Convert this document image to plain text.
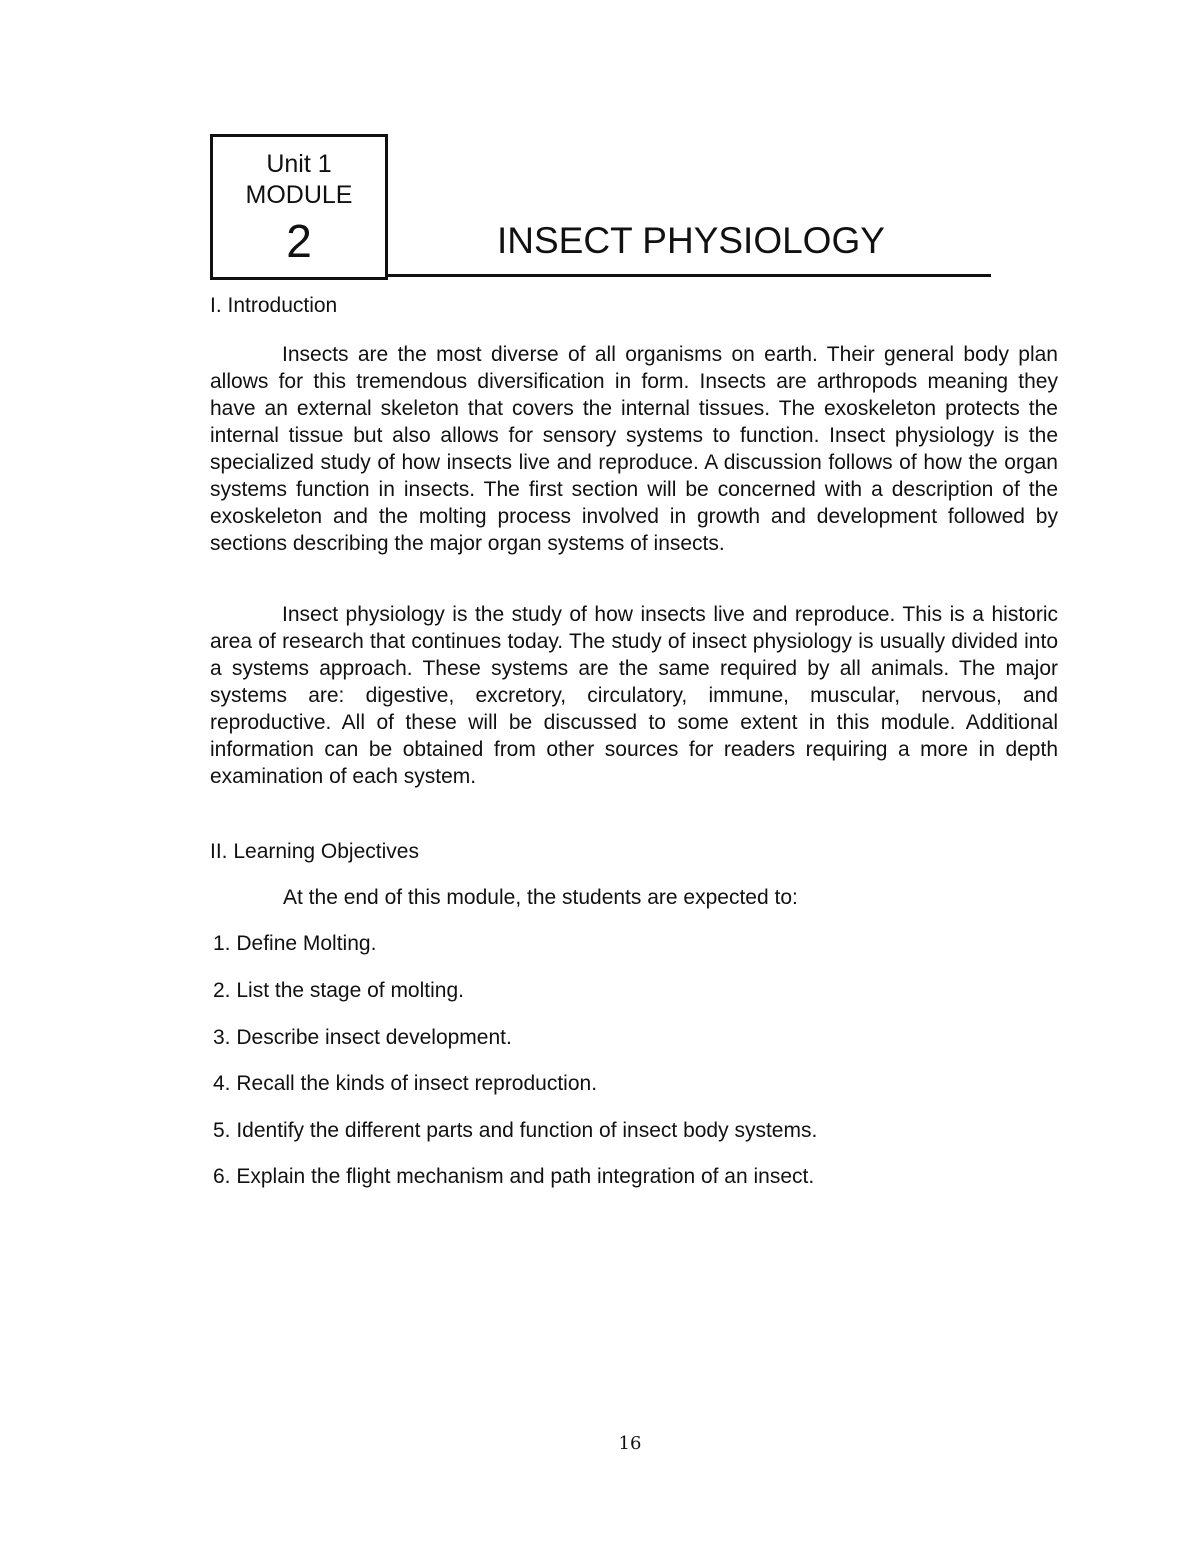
Unit 1
MODULE
2	INSECT PHYSIOLOGY
I. Introduction

Insects are the most diverse of all organisms on earth. Their general body plan allows for this tremendous diversification in form. Insects are arthropods meaning they have an external skeleton that covers the internal tissues. The exoskeleton protects the internal tissue but also allows for sensory systems to function. Insect physiology is the specialized study of how insects live and reproduce. A discussion follows of how the organ systems function in insects. The first section will be concerned with a description of the exoskeleton and the molting process involved in growth and development followed by sections describing the major organ systems of insects.

Insect physiology is the study of how insects live and reproduce. This is a historic area of research that continues today. The study of insect physiology is usually divided into a systems approach. These systems are the same required by all animals. The major systems are: digestive, excretory, circulatory, immune, muscular, nervous, and reproductive. All of these will be discussed to some extent in this module. Additional information can be obtained from other sources for readers requiring a more in depth examination of each system.

II. Learning Objectives
At the end of this module, the students are expected to:
1. Define Molting.
2. List the stage of molting.
3. Describe insect development.
4. Recall the kinds of insect reproduction.
5. Identify the different parts and function of insect body systems.
6. Explain the flight mechanism and path integration of an insect.
16
